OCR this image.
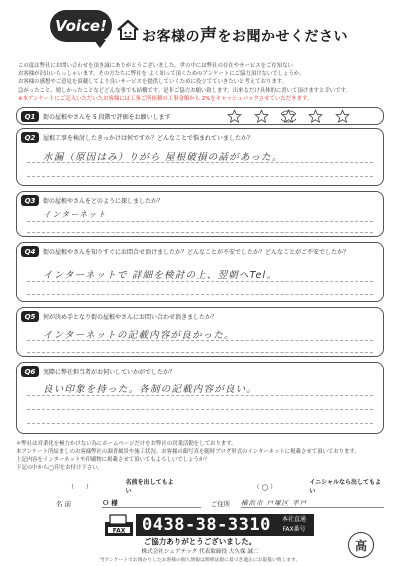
Voice!
お客様の声をお聞かせください
この度は弊社にお問い合わせを頂き誠にありがとうございました。世の中には弊社の存在やサービスをご存知ない
お客様が沢山いらっしゃいます。その方たちに弊社を よく知って頂くためのアンケートにご協力頂けないでしょうか。
お客様の感想やご意見を頂戴してより良いサービスを提供していくために役立てていきたいと考えております。
急がったこと、嬉しかったことなどどんな事でも結構です。是非ご協力お願い致します。出来るだけ具体的に書いて頂けますと幸いです。
※本アンケートにご記入いただいたお客様には工事ご所依頼の工事金額から 2%をキャッシュバックさせていただきます。
Q1	街の屋根やさんを 5 段階で評価をお願いします
Q2	屋根工事を検討したきっかけは何ですか？どんなことで悩まれていましたか？
水漏（原因はみ）りがら 屋根破損の話があった。
Q3	街の屋根やさんをどのように探しましたか？
インターネット
Q4	街の屋根やさんを知りすぐにお問合せ頂けましたか？どんなことが不安でしたか？どんなことがご不安でしたか？
インターネットで 詳細を検討の上、翌朝へTel。
Q5	何が決め手となり街の屋根やさんにお問い合わせ頂きましたか？
インターネットの記載内容が良かった。
Q6	実際に弊社担当者がお伺いしていかがでしたか？
良い印象を持った。各制の記載内容が良い。
＊弊社は営業化を極力かけない為にホームページだけをお弊社の営業活動をしております。
本アンケート所結ましのお客様弊社の調査風景や施工状況、お客様の顔写真を随時ブログ形式のインターネットに掲載させて頂いております。
上記内容をインターネットや印刷物に掲載させて頂いてもよろしいでしょうか？
下記の中から◯印をお付け下さい。
（　　）
名前を出してもよい
（ ◯ ）
イニシャルなら出してもよい
名 前	Ｏ 様	ご住所	横浜市 戸塚区 平戸
FAX 0438-38-3310	本社直通
FAX番号
ご協力ありがとうございました。
株式会社シェアテック 代表取締役 大久保 誠二
当アンケートでお預かりしたお客様の個人情報は関係法規に基づき適正にお取扱い致します。
高
